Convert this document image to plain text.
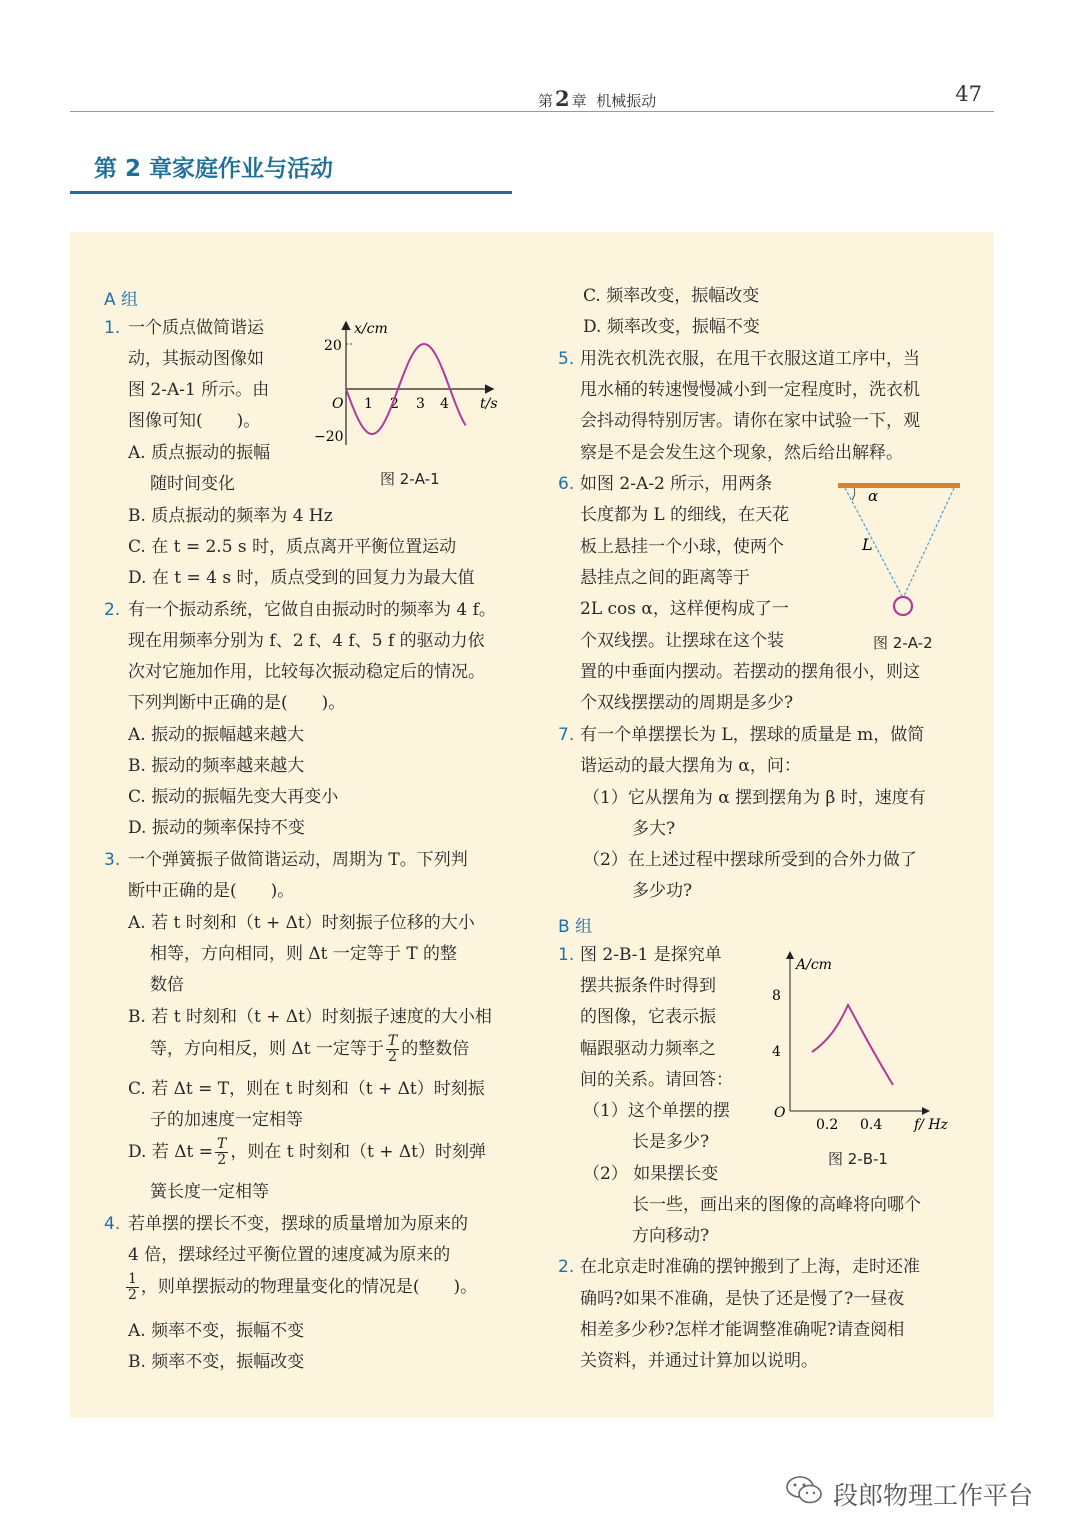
第2 章 机械振动	47
第 2 章家庭作业与活动
A 组
1. 一个质点做简谐运
动，其振动图像如
图 2-A-1 所示。由
图像可知(　　)。
A. 质点振动的振幅
随时间变化
B. 质点振动的频率为 4 Hz
C. 在 t = 2.5 s 时，质点离开平衡位置运动
D. 在 t = 4 s 时，质点受到的回复力为最大值
x/cm
20
−20
O 1 2 3 4 t/s
图 2-A-1
2. 有一个振动系统，它做自由振动时的频率为 4 f。
现在用频率分别为 f、2 f、4 f、5 f 的驱动力依
次对它施加作用，比较每次振动稳定后的情况。
下列判断中正确的是(　　)。
A. 振动的振幅越来越大
B. 振动的频率越来越大
C. 振动的振幅先变大再变小
D. 振动的频率保持不变
3. 一个弹簧振子做简谐运动，周期为 T。下列判
断中正确的是(　　)。
A. 若 t 时刻和（t + Δt）时刻振子位移的大小
相等，方向相同，则 Δt 一定等于 T 的整
数倍
B. 若 t 时刻和（t + Δt）时刻振子速度的大小相
等，方向相反，则 Δt 一定等于 $\frac{T}{2}$ 的整数倍
C. 若 Δt = T，则在 t 时刻和（t + Δt）时刻振
子的加速度一定相等
D. 若 $\Delta t = \frac{T}{2}$ ，则在 t 时刻和（t + Δt）时刻弹
簧长度一定相等
4. 若单摆的摆长不变，摆球的质量增加为原来的
4 倍，摆球经过平衡位置的速度减为原来的
$\frac{1}{2}$ ，则单摆振动的物理量变化的情况是(　　)。
A. 频率不变，振幅不变
B. 频率不变，振幅改变
C. 频率改变，振幅改变
D. 频率改变，振幅不变
5. 用洗衣机洗衣服，在甩干衣服这道工序中，当
甩水桶的转速慢慢减小到一定程度时，洗衣机
会抖动得特别厉害。请你在家中试验一下，观
察是不是会发生这个现象，然后给出解释。
6. 如图 2-A-2 所示，用两条
长度都为 L 的细线，在天花
板上悬挂一个小球，使两个
悬挂点之间的距离等于
2L cos α，这样便构成了一
个双线摆。让摆球在这个装
置的中垂面内摆动。若摆动的摆角很小，则这
个双线摆摆动的周期是多少?
α
L
图 2-A-2
7. 有一个单摆摆长为 L，摆球的质量是 m，做简
谐运动的最大摆角为 α，问：
（1）它从摆角为 α 摆到摆角为 β 时，速度有
多大?
（2）在上述过程中摆球所受到的合外力做了
多少功?
B 组
1. 图 2-B-1 是探究单
摆共振条件时得到
的图像，它表示振
幅跟驱动力频率之
间的关系。请回答：
（1）这个单摆的摆
长是多少?
（2） 如果摆长变
长一些，画出来的图像的高峰将向哪个
方向移动?
A/cm
8
4
O
0.2 0.4 f/ Hz
图 2-B-1
2. 在北京走时准确的摆钟搬到了上海，走时还准
确吗?如果不准确，是快了还是慢了?一昼夜
相差多少秒?怎样才能调整准确呢?请查阅相
关资料，并通过计算加以说明。
段郎物理工作平台
